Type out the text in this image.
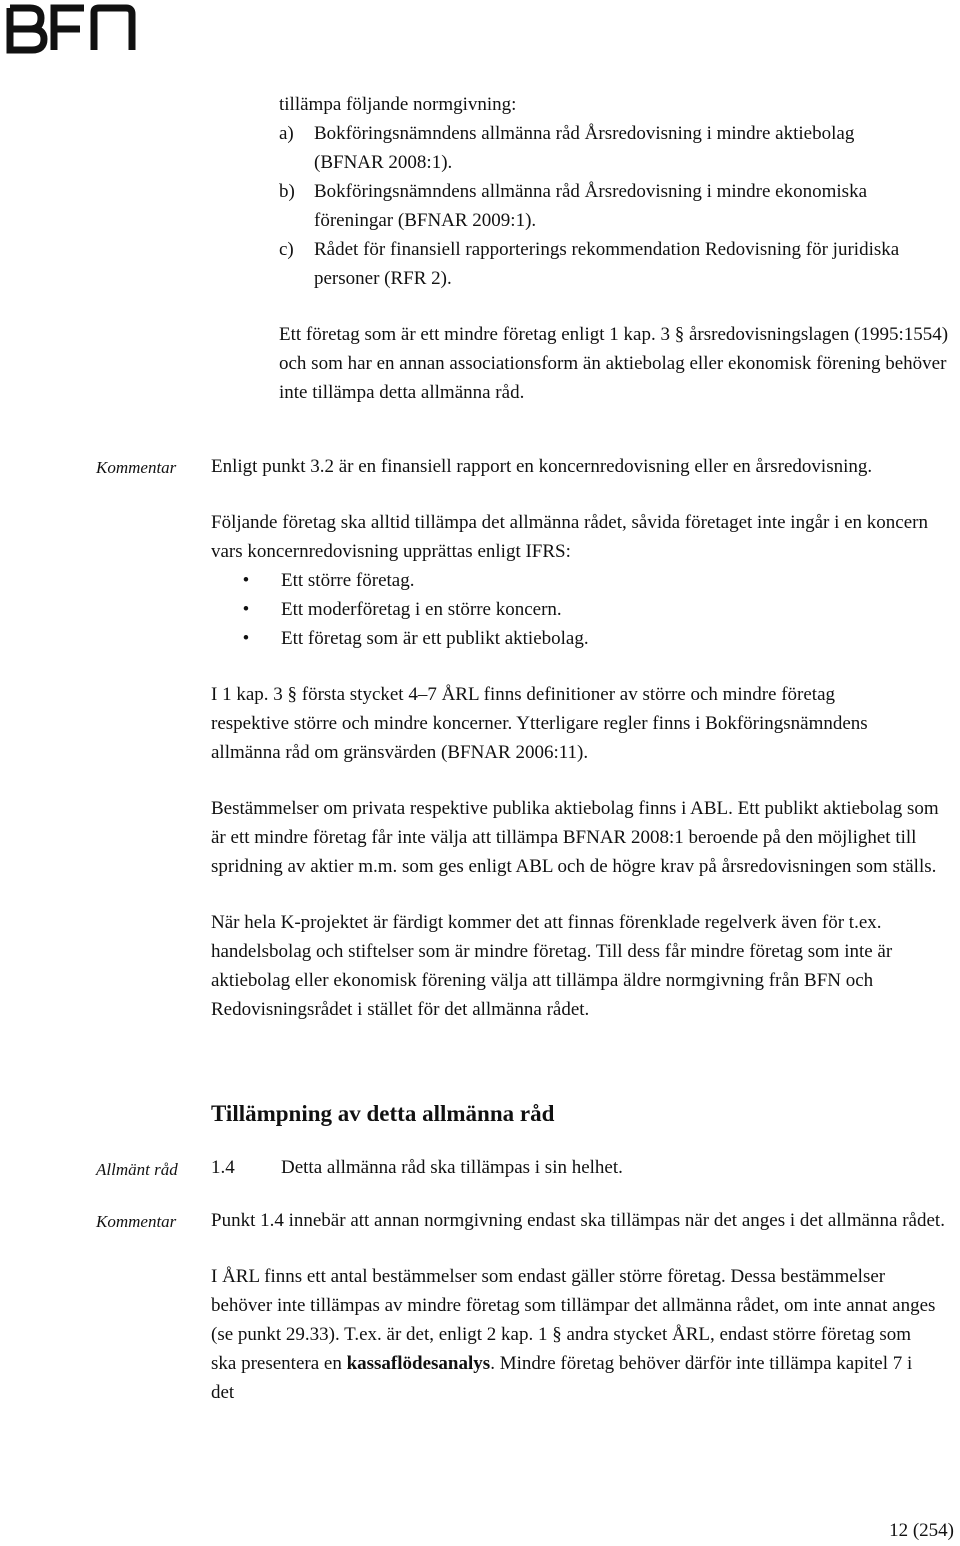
tillämpa följande normgivning:

a)	Bokföringsnämndens allmänna råd Årsredovisning i mindre aktiebolag (BFNAR 2008:1).
b)	Bokföringsnämndens allmänna råd Årsredovisning i mindre ekonomiska föreningar (BFNAR 2009:1).
c)	Rådet för finansiell rapporterings rekommendation Redovisning för juridiska personer (RFR 2).

Ett företag som är ett mindre företag enligt 1 kap. 3 § årsredovisningslagen (1995:1554) och som har en annan associationsform än aktiebolag eller ekonomisk förening behöver inte tillämpa detta allmänna råd.

Kommentar Enligt punkt 3.2 är en finansiell rapport en koncernredovisning eller en årsredovisning.

Följande företag ska alltid tillämpa det allmänna rådet, såvida företaget inte ingår i en koncern vars koncernredovisning upprättas enligt IFRS:

•	Ett större företag.
•	Ett moderföretag i en större koncern.
•	Ett företag som är ett publikt aktiebolag.

I 1 kap. 3 § första stycket 4–7 ÅRL finns definitioner av större och mindre företag respektive större och mindre koncerner. Ytterligare regler finns i Bokföringsnämndens allmänna råd om gränsvärden (BFNAR 2006:11).

Bestämmelser om privata respektive publika aktiebolag finns i ABL. Ett publikt aktiebolag som är ett mindre företag får inte välja att tillämpa BFNAR 2008:1 beroende på den möjlighet till spridning av aktier m.m. som ges enligt ABL och de högre krav på årsredovisningen som ställs.

När hela K-projektet är färdigt kommer det att finnas förenklade regelverk även för t.ex. handelsbolag och stiftelser som är mindre företag. Till dess får mindre företag som inte är aktiebolag eller ekonomisk förening välja att tillämpa äldre normgivning från BFN och Redovisningsrådet i stället för det allmänna rådet.

Tillämpning av detta allmänna råd
Allmänt råd 1.4	Detta allmänna råd ska tillämpas i sin helhet.
Kommentar Punkt 1.4 innebär att annan normgivning endast ska tillämpas när det anges i det allmänna rådet.

I ÅRL finns ett antal bestämmelser som endast gäller större företag. Dessa bestämmelser behöver inte tillämpas av mindre företag som tillämpar det allmänna rådet, om inte annat anges (se punkt 29.33). T.ex. är det, enligt 2 kap. 1 § andra stycket ÅRL, endast större företag som ska presentera en kassaflödesanalys. Mindre företag behöver därför inte tillämpa kapitel 7 i det

12 (254)
